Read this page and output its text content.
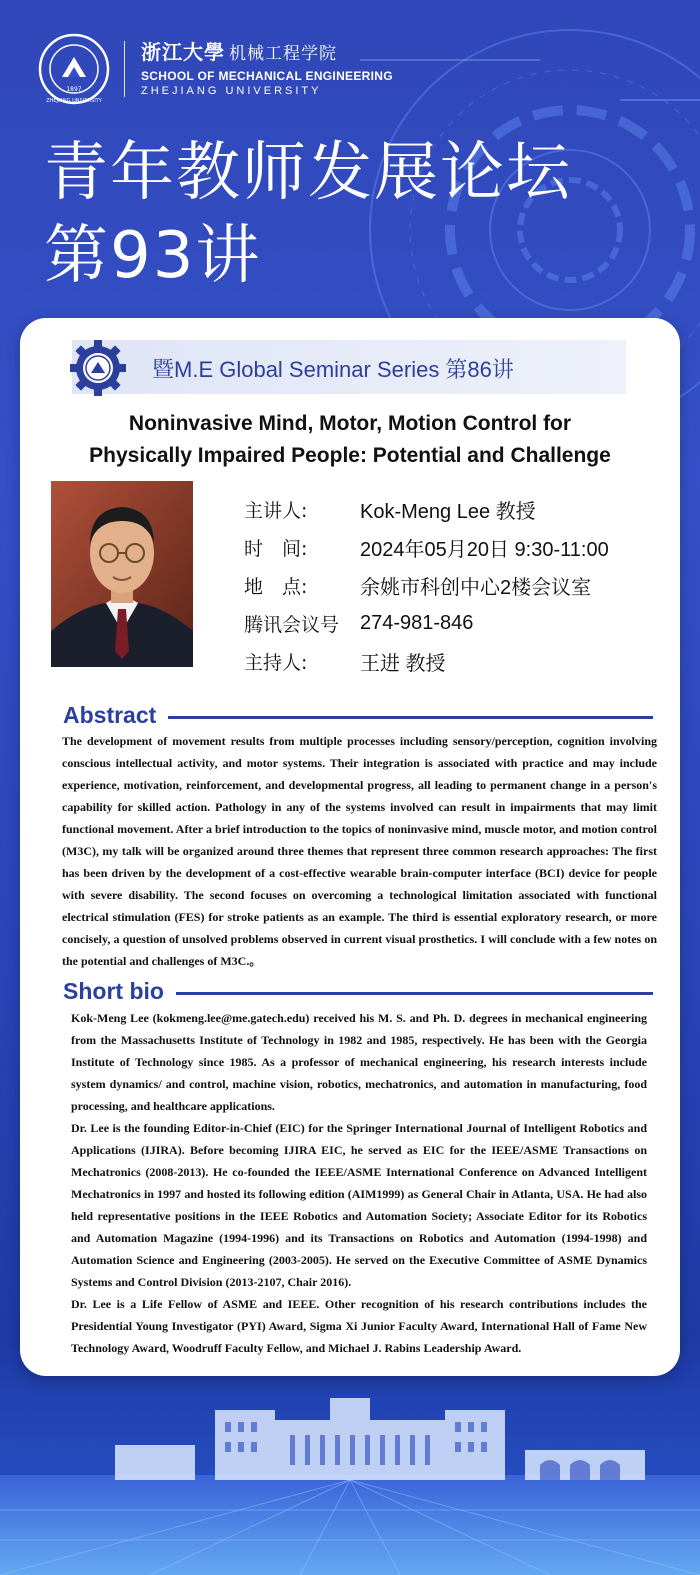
1897
ZHEJIANG UNIVERSITY
浙江大學 机械工程学院
SCHOOL OF MECHANICAL ENGINEERING
ZHEJIANG UNIVERSITY
青年教师发展论坛
第93讲
暨M.E Global Seminar Series 第86讲
Noninvasive Mind, Motor, Motion Control for
Physically Impaired People: Potential and Challenge
主讲人:	Kok-Meng Lee 教授
时　间:	2024年05月20日 9:30-11:00
地　点:	余姚市科创中心2楼会议室
腾讯会议号	274-981-846
主持人:	王进 教授
Abstract
The development of movement results from multiple processes including sensory/perception, cognition involving conscious intellectual activity, and motor systems. Their integration is associated with practice and may include experience, motivation, reinforcement, and developmental progress, all leading to permanent change in a person′s capability for skilled action. Pathology in any of the systems involved can result in impairments that may limit functional movement. After a brief introduction to the topics of noninvasive mind, muscle motor, and motion control (M3C), my talk will be organized around three themes that represent three common research approaches: The first has been driven by the development of a cost-effective wearable brain-computer interface (BCI) device for people with severe disability. The second focuses on overcoming a technological limitation associated with functional electrical stimulation (FES) for stroke patients as an example. The third is essential exploratory research, or more concisely, a question of unsolved problems observed in current visual prosthetics. I will conclude with a few notes on the potential and challenges of M3C.。
Short bio

Kok-Meng Lee (kokmeng.lee@me.gatech.edu) received his M. S. and Ph. D. degrees in mechanical engineering from the Massachusetts Institute of Technology in 1982 and 1985, respectively. He has been with the Georgia Institute of Technology since 1985. As a professor of mechanical engineering, his research interests include system dynamics/ and control, machine vision, robotics, mechatronics, and automation in manufacturing, food processing, and healthcare applications.

Dr. Lee is the founding Editor-in-Chief (EIC) for the Springer International Journal of Intelligent Robotics and Applications (IJIRA). Before becoming IJIRA EIC, he served as EIC for the IEEE/ASME Transactions on Mechatronics (2008-2013). He co-founded the IEEE/ASME International Conference on Advanced Intelligent Mechatronics in 1997 and hosted its following edition (AIM1999) as General Chair in Atlanta, USA. He had also held representative positions in the IEEE Robotics and Automation Society; Associate Editor for its Robotics and Automation Magazine (1994-1996) and its Transactions on Robotics and Automation (1994-1998) and Automation Science and Engineering (2003-2005). He served on the Executive Committee of ASME Dynamics Systems and Control Division (2013-2107, Chair 2016).

Dr. Lee is a Life Fellow of ASME and IEEE. Other recognition of his research contributions includes the Presidential Young Investigator (PYI) Award, Sigma Xi Junior Faculty Award, International Hall of Fame New Technology Award, Woodruff Faculty Fellow, and Michael J. Rabins Leadership Award.
